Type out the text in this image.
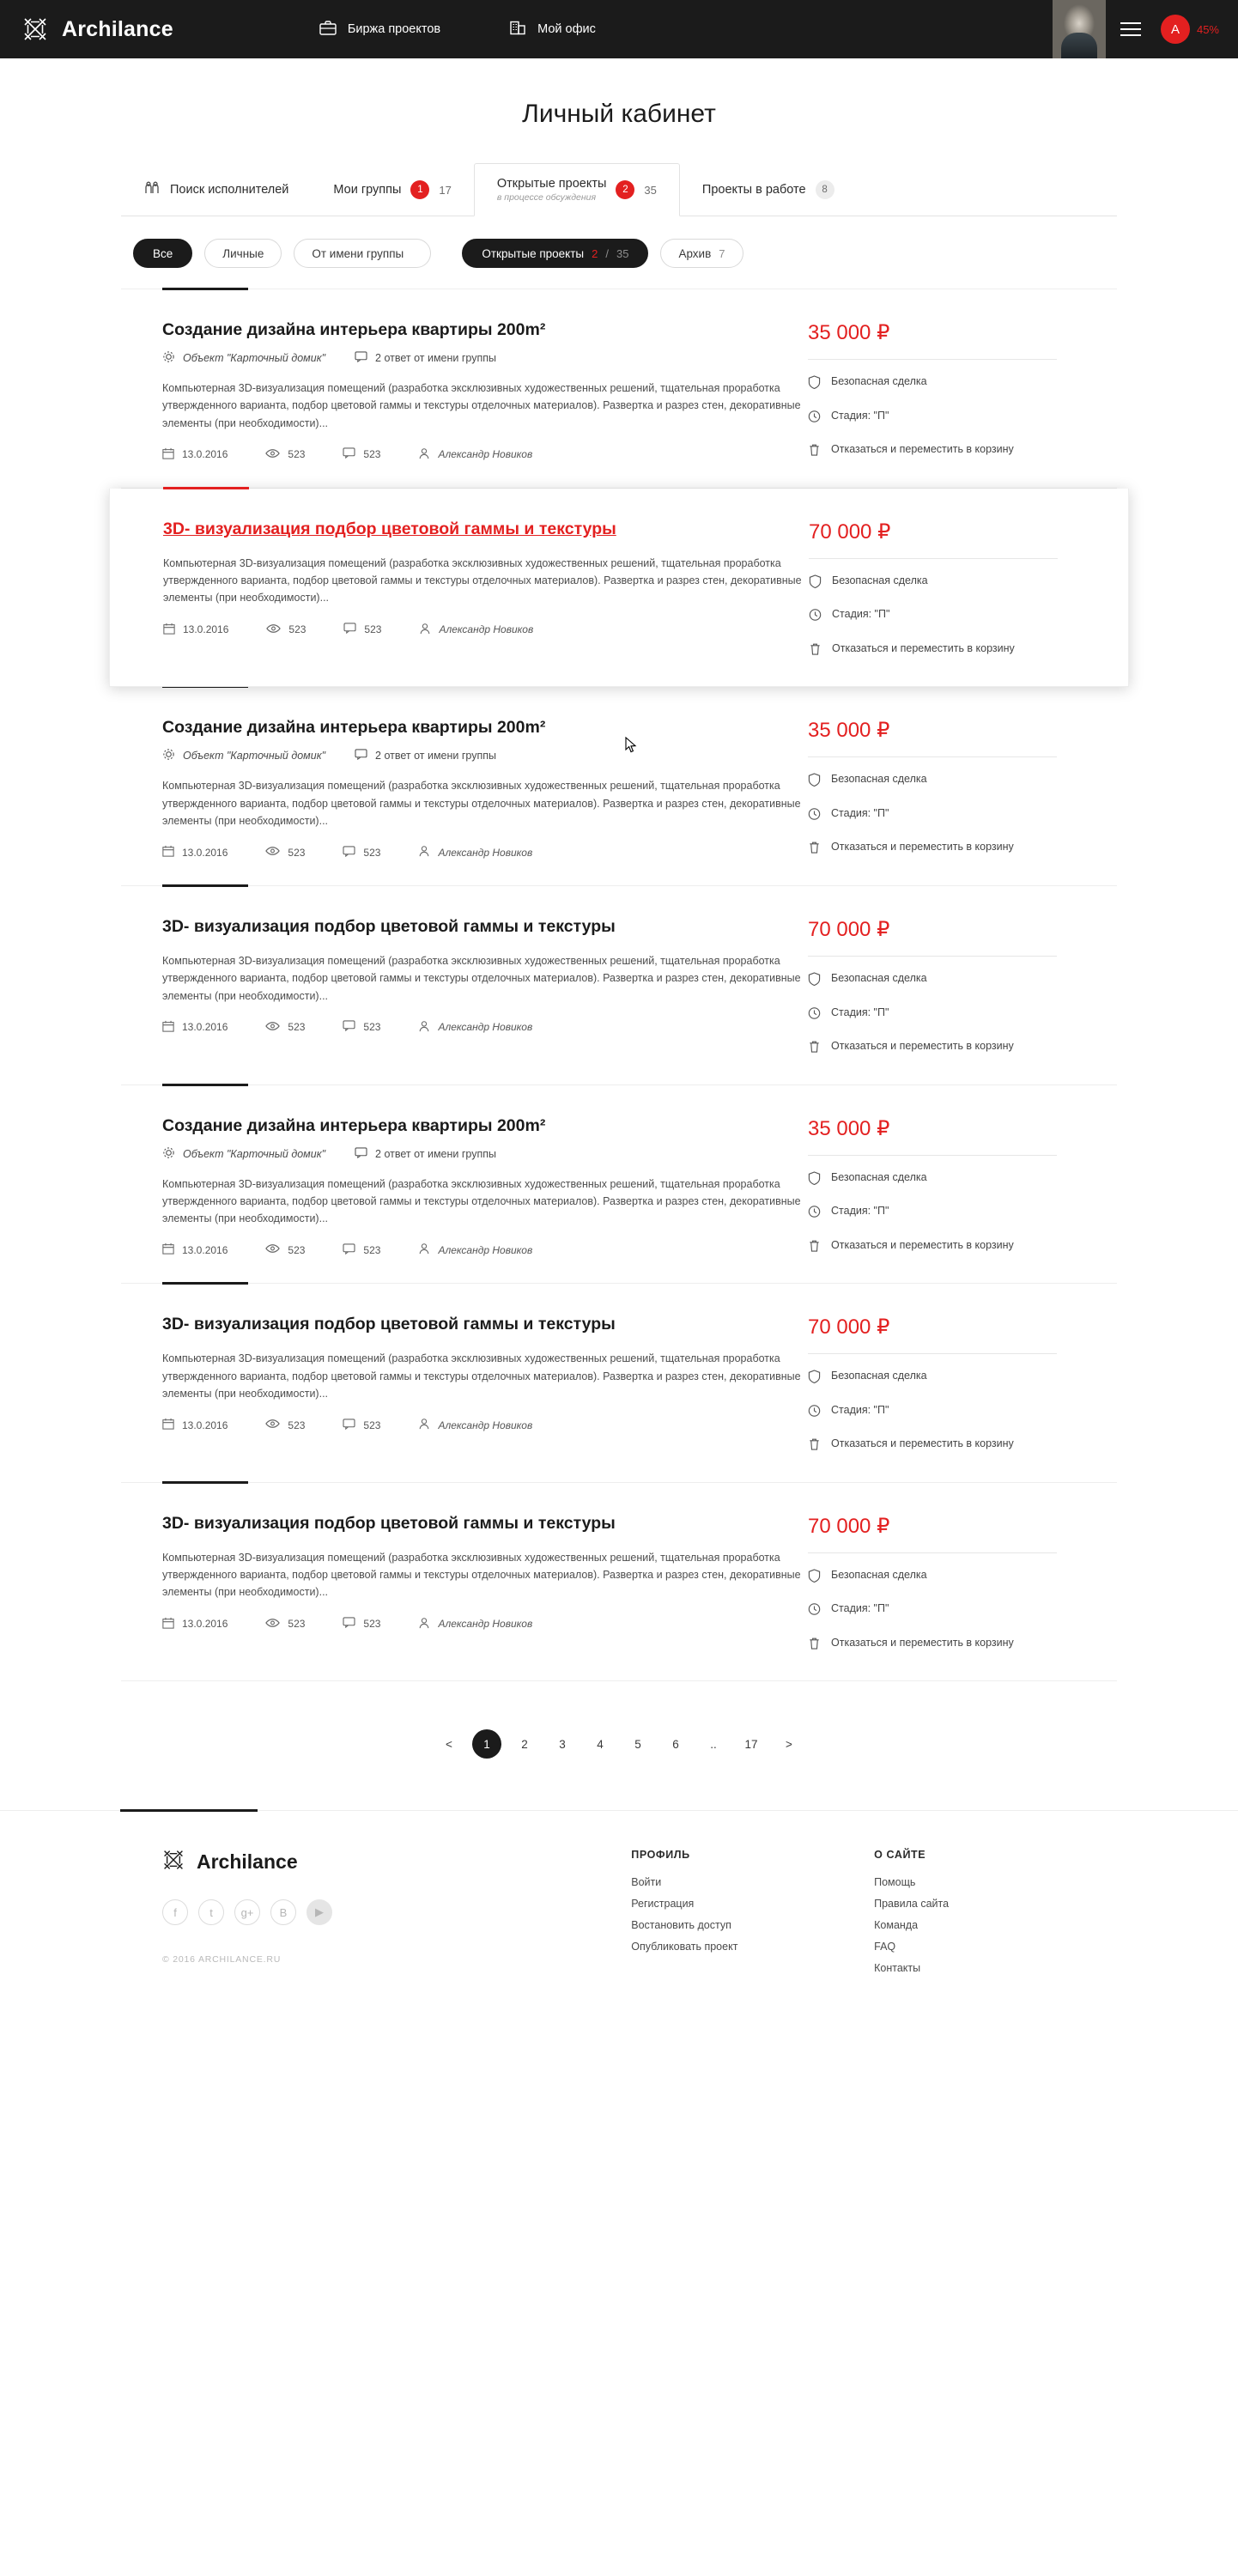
Archilance	Биржа проектов	Мой офис	A	45%
Личный кабинет
Поиск исполнителей	Мои группы	1	17	Открытые проекты
в процессе обсуждения
2	35	Проекты в работе	8
Все	Личные	От имени группы	Открытые проекты 2 / 35	Архив 7
Создание дизайна интерьера квартиры 200m²
Объект "Карточный домик"	2 ответ от имени группы
Компьютерная 3D-визуализация помещений (разработка эксклюзивных художественных решений, тщательная проработка утвержденного варианта, подбор цветовой гаммы и текстуры отделочных материалов). Развертка и разрез стен, декоративные элементы (при необходимости)...
13.0.2016	523	523	Александр Новиков
35 000 ₽
Безопасная сделка
Стадия: "П"
Отказаться и переместить в корзину
3D- визуализация подбор цветовой гаммы и текстуры
Компьютерная 3D-визуализация помещений (разработка эксклюзивных художественных решений, тщательная проработка утвержденного варианта, подбор цветовой гаммы и текстуры отделочных материалов). Развертка и разрез стен, декоративные элементы (при необходимости)...
13.0.2016	523	523	Александр Новиков
70 000 ₽
Безопасная сделка
Стадия: "П"
Отказаться и переместить в корзину
Создание дизайна интерьера квартиры 200m²
Объект "Карточный домик"	2 ответ от имени группы
Компьютерная 3D-визуализация помещений (разработка эксклюзивных художественных решений, тщательная проработка утвержденного варианта, подбор цветовой гаммы и текстуры отделочных материалов). Развертка и разрез стен, декоративные элементы (при необходимости)...
13.0.2016	523	523	Александр Новиков
35 000 ₽
Безопасная сделка
Стадия: "П"
Отказаться и переместить в корзину
3D- визуализация подбор цветовой гаммы и текстуры
Компьютерная 3D-визуализация помещений (разработка эксклюзивных художественных решений, тщательная проработка утвержденного варианта, подбор цветовой гаммы и текстуры отделочных материалов). Развертка и разрез стен, декоративные элементы (при необходимости)...
13.0.2016	523	523	Александр Новиков
70 000 ₽
Безопасная сделка
Стадия: "П"
Отказаться и переместить в корзину
Создание дизайна интерьера квартиры 200m²
Объект "Карточный домик"	2 ответ от имени группы
Компьютерная 3D-визуализация помещений (разработка эксклюзивных художественных решений, тщательная проработка утвержденного варианта, подбор цветовой гаммы и текстуры отделочных материалов). Развертка и разрез стен, декоративные элементы (при необходимости)...
13.0.2016	523	523	Александр Новиков
35 000 ₽
Безопасная сделка
Стадия: "П"
Отказаться и переместить в корзину
3D- визуализация подбор цветовой гаммы и текстуры
Компьютерная 3D-визуализация помещений (разработка эксклюзивных художественных решений, тщательная проработка утвержденного варианта, подбор цветовой гаммы и текстуры отделочных материалов). Развертка и разрез стен, декоративные элементы (при необходимости)...
13.0.2016	523	523	Александр Новиков
70 000 ₽
Безопасная сделка
Стадия: "П"
Отказаться и переместить в корзину
3D- визуализация подбор цветовой гаммы и текстуры
Компьютерная 3D-визуализация помещений (разработка эксклюзивных художественных решений, тщательная проработка утвержденного варианта, подбор цветовой гаммы и текстуры отделочных материалов). Развертка и разрез стен, декоративные элементы (при необходимости)...
13.0.2016	523	523	Александр Новиков
70 000 ₽
Безопасная сделка
Стадия: "П"
Отказаться и переместить в корзину
<	1	2	3	4	5	6	..	17	>
Archilance
f	t	g+	B	▶
© 2016 ARCHILANCE.RU
ПРОФИЛЬ
Войти
Регистрация
Востановить доступ
Опубликовать проект
О САЙТЕ
Помощь
Правила сайта
Команда
FAQ
Контакты
